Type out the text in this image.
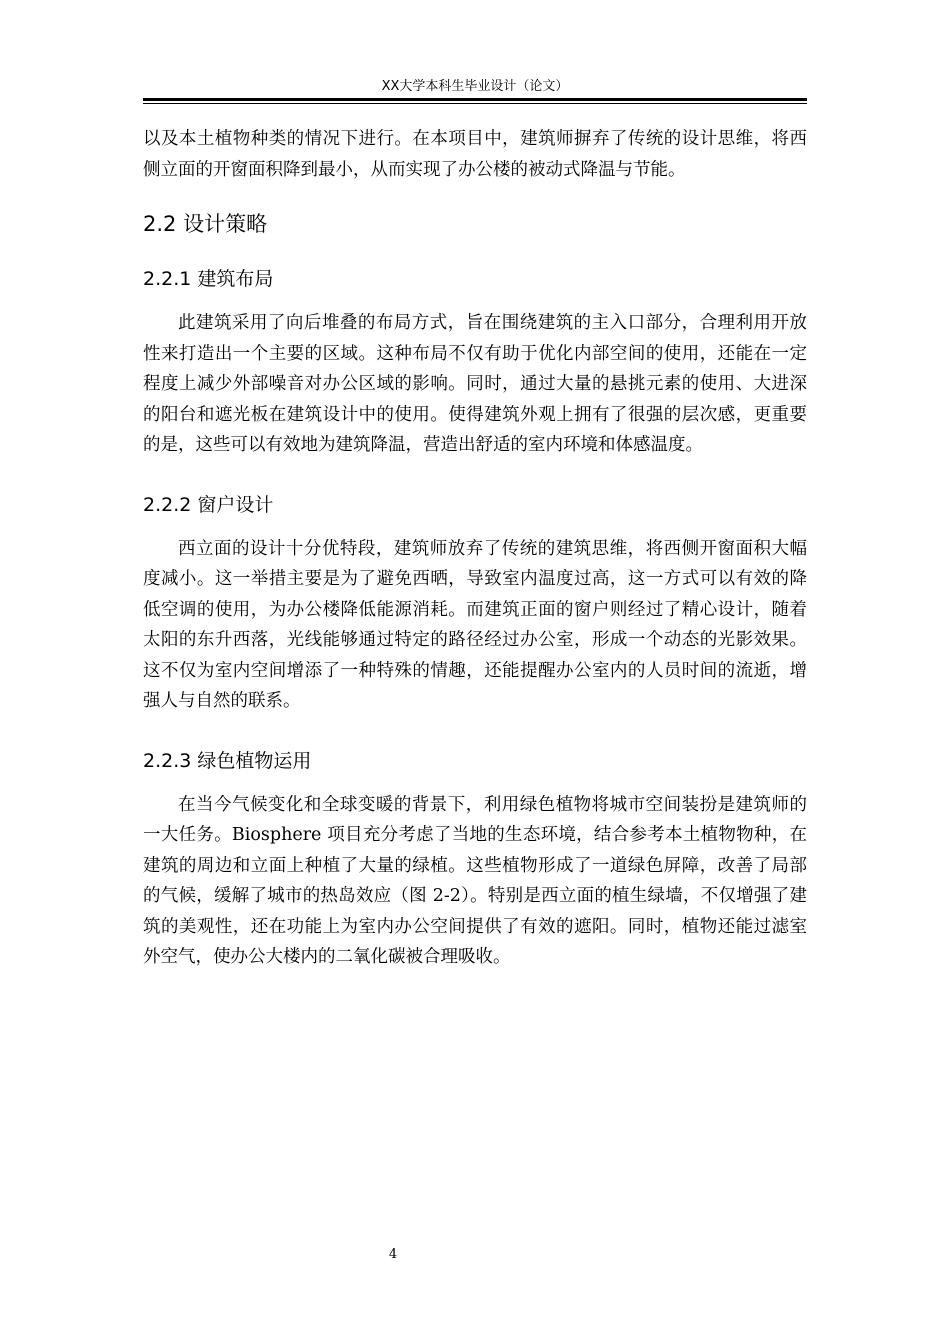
XX大学本科生毕业设计（论文）

以及本土植物种类的情况下进行。在本项目中，建筑师摒弃了传统的设计思维，将西侧立面的开窗面积降到最小，从而实现了办公楼的被动式降温与节能。

2.2 设计策略
2.2.1 建筑布局

此建筑采用了向后堆叠的布局方式，旨在围绕建筑的主入口部分，合理利用开放性来打造出一个主要的区域。这种布局不仅有助于优化内部空间的使用，还能在一定程度上减少外部噪音对办公区域的影响。同时，通过大量的悬挑元素的使用、大进深的阳台和遮光板在建筑设计中的使用。使得建筑外观上拥有了很强的层次感，更重要的是，这些可以有效地为建筑降温，营造出舒适的室内环境和体感温度。

2.2.2 窗户设计

西立面的设计十分优特段，建筑师放弃了传统的建筑思维，将西侧开窗面积大幅度减小。这一举措主要是为了避免西晒，导致室内温度过高，这一方式可以有效的降低空调的使用，为办公楼降低能源消耗。而建筑正面的窗户则经过了精心设计，随着太阳的东升西落，光线能够通过特定的路径经过办公室，形成一个动态的光影效果。这不仅为室内空间增添了一种特殊的情趣，还能提醒办公室内的人员时间的流逝，增强人与自然的联系。

2.2.3 绿色植物运用

在当今气候变化和全球变暖的背景下，利用绿色植物将城市空间装扮是建筑师的一大任务。Biosphere 项目充分考虑了当地的生态环境，结合参考本土植物物种，在建筑的周边和立面上种植了大量的绿植。这些植物形成了一道绿色屏障，改善了局部的气候，缓解了城市的热岛效应（图 2-2）。特别是西立面的植生绿墙，不仅增强了建筑的美观性，还在功能上为室内办公空间提供了有效的遮阳。同时，植物还能过滤室外空气，使办公大楼内的二氧化碳被合理吸收。

4
